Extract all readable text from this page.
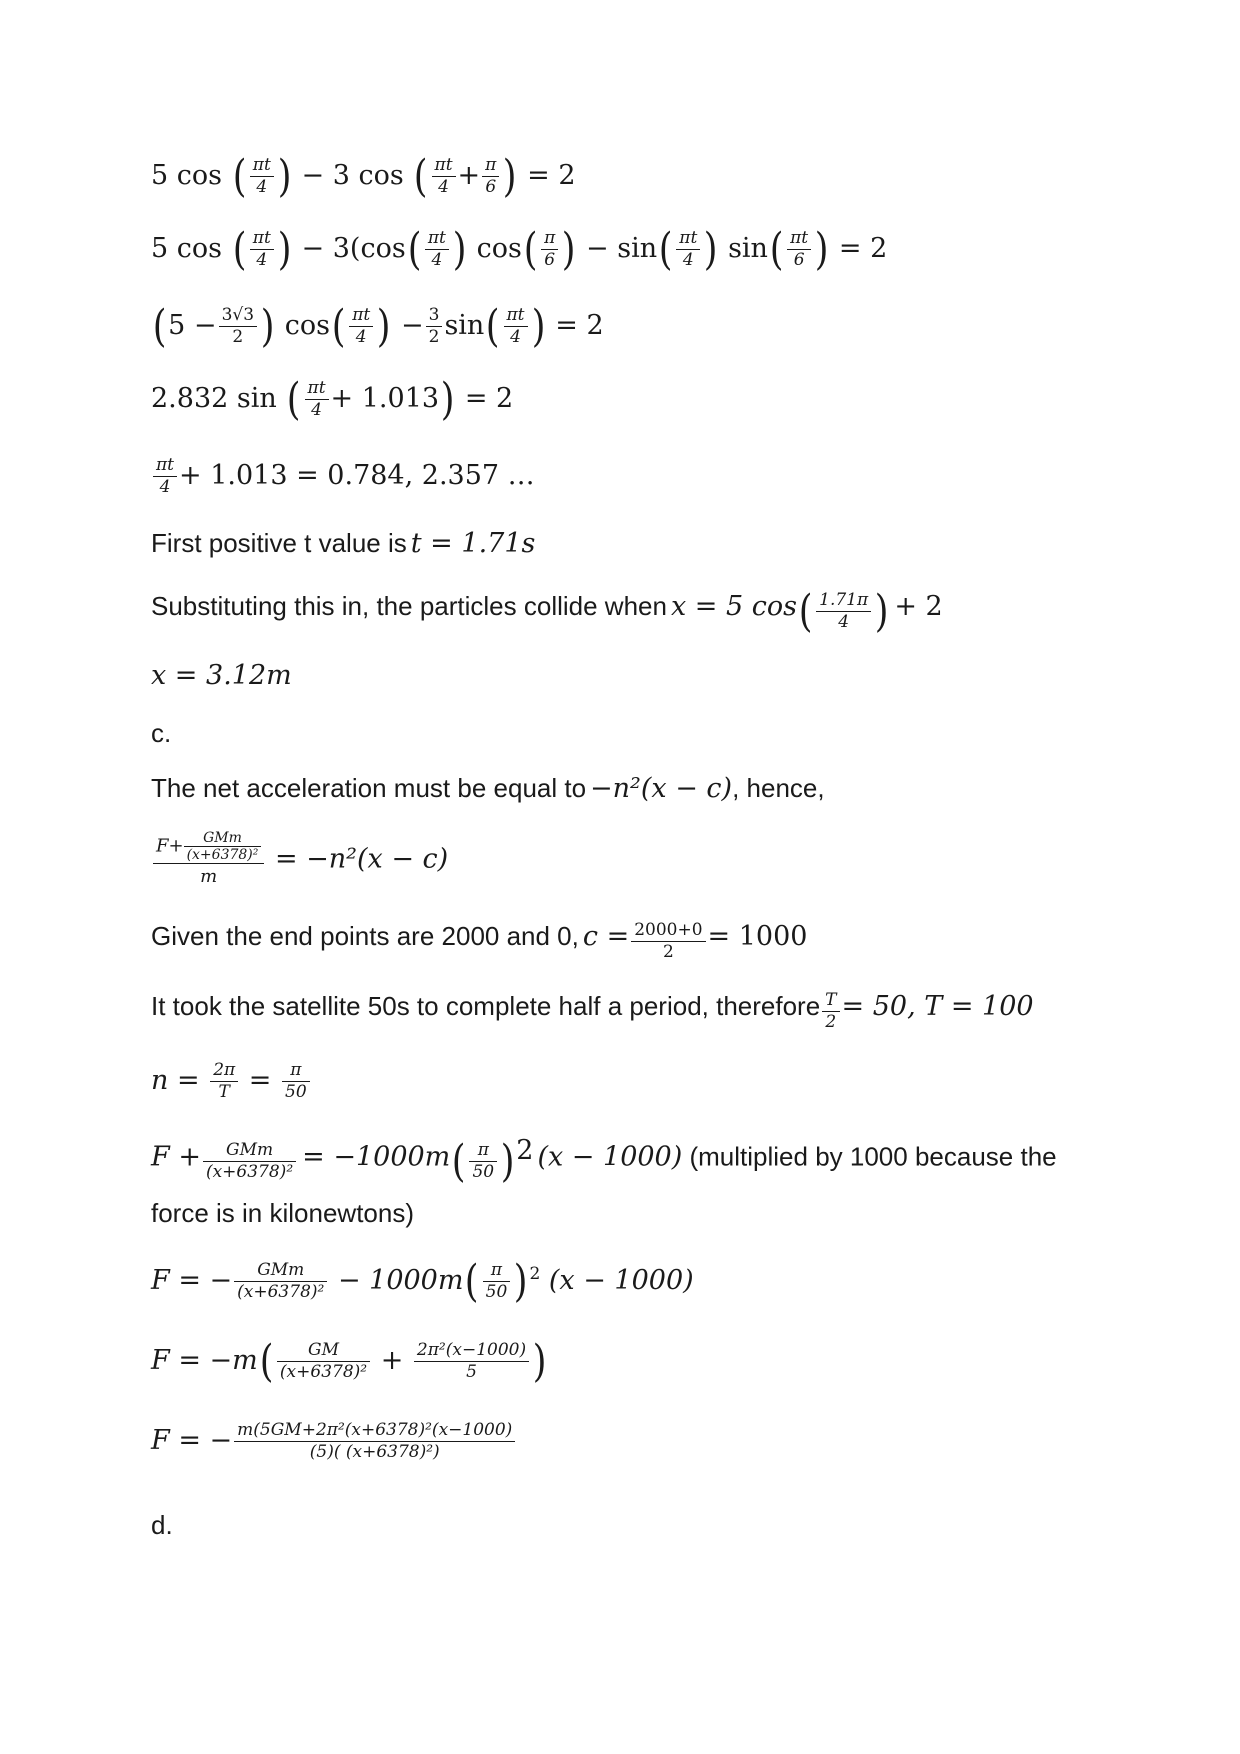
5 cos ( $\frac{\pi t}{4}$ ) − 3 cos ( $\frac{\pi t}{4} + \frac{\pi}{6}$ ) = 2
5 cos ( $\frac{\pi t}{4}$ ) − $3(\cos( \frac{\pi t}{4}$ ) $\cos( \frac{\pi}{6}$ ) − $\sin( \frac{\pi t}{4}$ ) $\sin( \frac{\pi t}{6}$ ) = 2
($5 - \frac{3√3}{2}$ ) $\cos( \frac{\pi t}{4}$ ) − $\frac{3}{2} \sin( \frac{\pi t}{4}$ ) = 2
2.832 sin ( $\frac{\pi t}{4} + 1.013) = 2$
$\frac{\pi t}{4} + 1.013 = 0.784$, 2.357 …
First positive t value is t = 1.71s
Substituting this in, the particles collide when x = 5 $\cos( \frac{1.71\pi}{4}$ ) + 2
x = 3.12m
c.
The net acceleration must be equal to −n²(x − c), hence,
$\frac{F+ \frac{\text{GMm}}{\text{(x+6378)²}}}{m} = -n^2(x - c)$
Given the end points are 2000 and 0, $c = \frac{2000+0}{2} = 1000$
It took the satellite 50s to complete half a period, therefore $\frac{T}{2} = 50$, T = 100
$n = \frac{2\pi}{T} = \frac{\pi}{50}$
$F + \frac{\text{GMm}}{\text{(x+6378)²}} = -1000m( \frac{\pi}{50} )^2$ (x − 1000) (multiplied by 1000 because the
force is in kilonewtons)
F = − $\frac{\text{GMm}}{\text{(x+6378)²}} - 1000m( \frac{\pi}{50}$ ) $^2$ (x − 1000)
$F = -m( \frac{GM}{\text{(x+6378)²}} + \frac{\text{2π²(x−1000)}}{5}$ )
F = − $\frac{\text{m(5GM+2π²(x+6378)²(x−1000)}}{\text{(5)( (x+6378)²)}}$
d.
